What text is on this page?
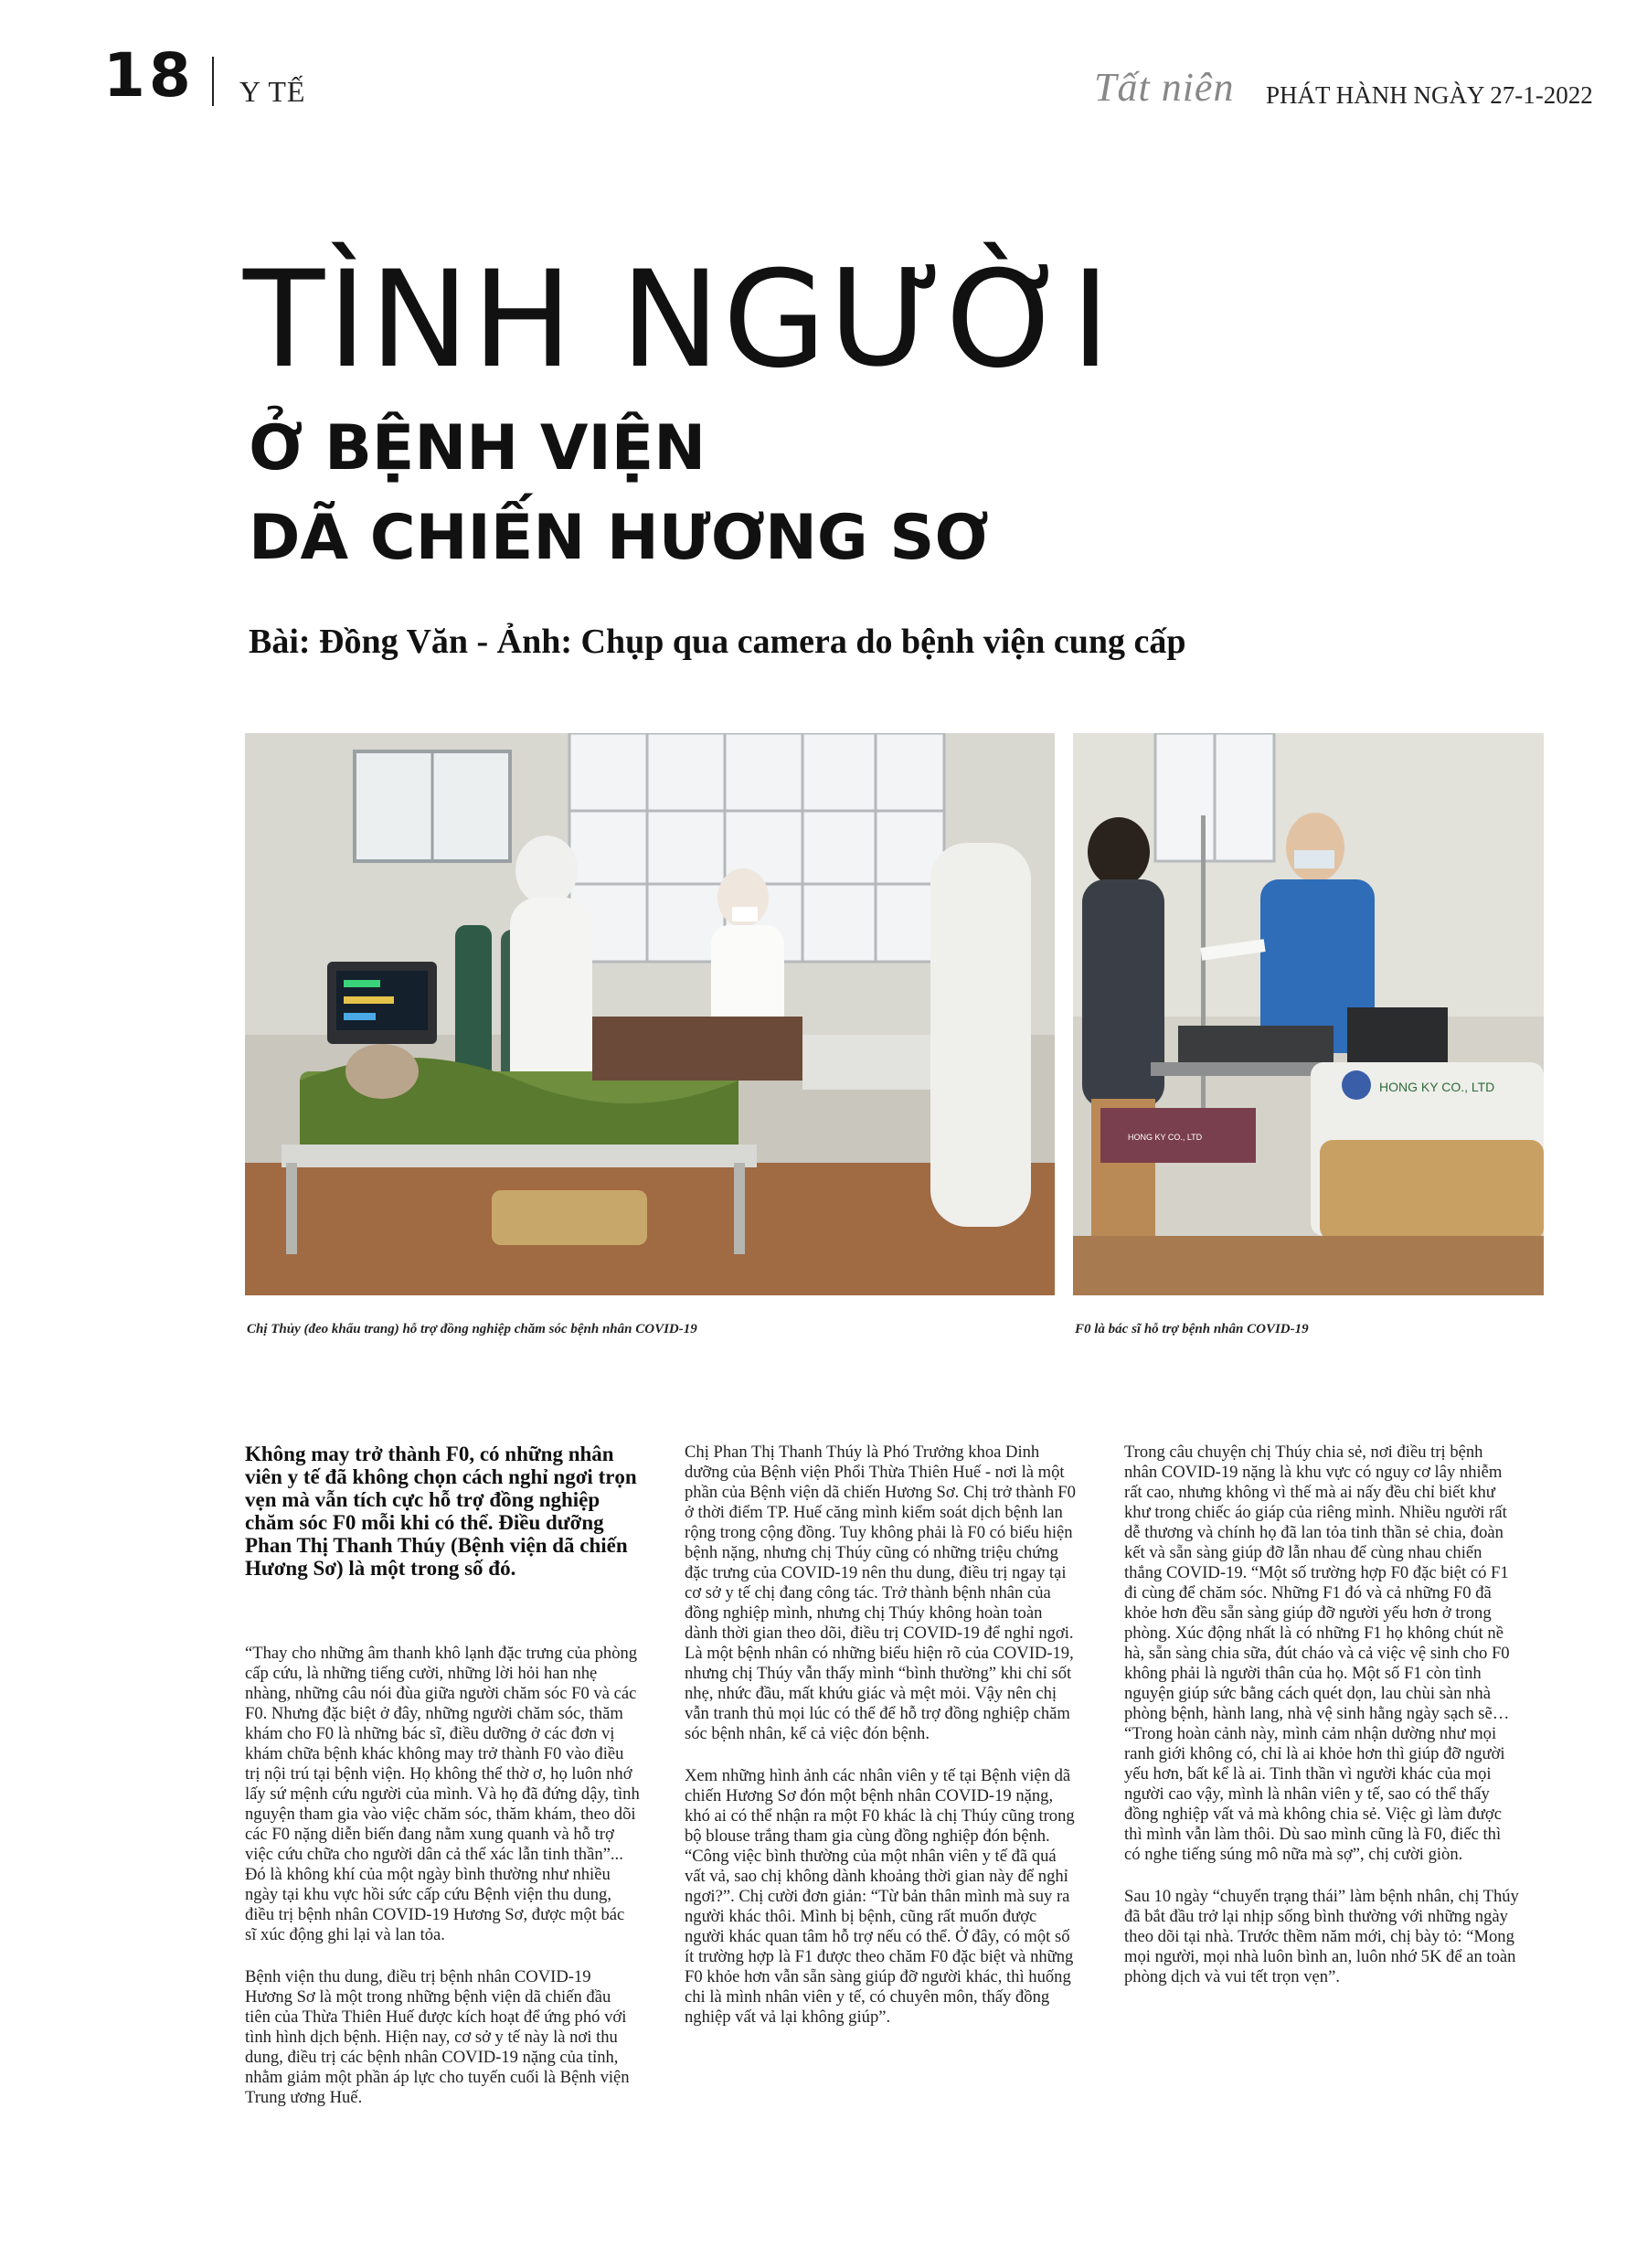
18 Y TẾ	Tất niên PHÁT HÀNH NGÀY 27-1-2022
TÌNH NGƯỜI
Ở BỆNH VIỆN
DÃ CHIẾN HƯƠNG SƠ
Bài: Đồng Văn - Ảnh: Chụp qua camera do bệnh viện cung cấp
HONG KY CO., LTD
HONG KY CO., LTD
Chị Thủy (đeo khẩu trang) hỗ trợ đồng nghiệp chăm sóc bệnh nhân COVID-19	F0 là bác sĩ hỗ trợ bệnh nhân COVID-19

Không may trở thành F0, có những nhân viên y tế đã không chọn cách nghỉ ngơi trọn vẹn mà vẫn tích cực hỗ trợ đồng nghiệp chăm sóc F0 mỗi khi có thể. Điều dưỡng Phan Thị Thanh Thúy (Bệnh viện dã chiến Hương Sơ) là một trong số đó.

“Thay cho những âm thanh khô lạnh đặc trưng của phòng cấp cứu, là những tiếng cười, những lời hỏi han nhẹ nhàng, những câu nói đùa giữa người chăm sóc F0 và các F0. Nhưng đặc biệt ở đây, những người chăm sóc, thăm khám cho F0 là những bác sĩ, điều dưỡng ở các đơn vị khám chữa bệnh khác không may trở thành F0 vào điều trị nội trú tại bệnh viện. Họ không thể thờ ơ, họ luôn nhớ lấy sứ mệnh cứu người của mình. Và họ đã đứng dậy, tình nguyện tham gia vào việc chăm sóc, thăm khám, theo dõi các F0 nặng diễn biến đang nằm xung quanh và hỗ trợ việc cứu chữa cho người dân cả thể xác lẫn tinh thần”... Đó là không khí của một ngày bình thường như nhiều ngày tại khu vực hồi sức cấp cứu Bệnh viện thu dung, điều trị bệnh nhân COVID-19 Hương Sơ, được một bác sĩ xúc động ghi lại và lan tỏa.

Bệnh viện thu dung, điều trị bệnh nhân COVID-19 Hương Sơ là một trong những bệnh viện dã chiến đầu tiên của Thừa Thiên Huế được kích hoạt để ứng phó với tình hình dịch bệnh. Hiện nay, cơ sở y tế này là nơi thu dung, điều trị các bệnh nhân COVID-19 nặng của tỉnh, nhằm giảm một phần áp lực cho tuyến cuối là Bệnh viện Trung ương Huế.

Chị Phan Thị Thanh Thúy là Phó Trưởng khoa Dinh dưỡng của Bệnh viện Phổi Thừa Thiên Huế - nơi là một phần của Bệnh viện dã chiến Hương Sơ. Chị trở thành F0 ở thời điểm TP. Huế căng mình kiểm soát dịch bệnh lan rộng trong cộng đồng. Tuy không phải là F0 có biểu hiện bệnh nặng, nhưng chị Thúy cũng có những triệu chứng đặc trưng của COVID-19 nên thu dung, điều trị ngay tại cơ sở y tế chị đang công tác. Trở thành bệnh nhân của đồng nghiệp mình, nhưng chị Thúy không hoàn toàn dành thời gian theo dõi, điều trị COVID-19 để nghỉ ngơi. Là một bệnh nhân có những biểu hiện rõ của COVID-19, nhưng chị Thúy vẫn thấy mình “bình thường” khi chỉ sốt nhẹ, nhức đầu, mất khứu giác và mệt mỏi. Vậy nên chị vẫn tranh thủ mọi lúc có thể để hỗ trợ đồng nghiệp chăm sóc bệnh nhân, kể cả việc đón bệnh.

Xem những hình ảnh các nhân viên y tế tại Bệnh viện dã chiến Hương Sơ đón một bệnh nhân COVID-19 nặng, khó ai có thể nhận ra một F0 khác là chị Thúy cũng trong bộ blouse trắng tham gia cùng đồng nghiệp đón bệnh. “Công việc bình thường của một nhân viên y tế đã quá vất vả, sao chị không dành khoảng thời gian này để nghỉ ngơi?”. Chị cười đơn giản: “Từ bản thân mình mà suy ra người khác thôi. Mình bị bệnh, cũng rất muốn được người khác quan tâm hỗ trợ nếu có thể. Ở đây, có một số ít trường hợp là F1 được theo chăm F0 đặc biệt và những F0 khỏe hơn vẫn sẵn sàng giúp đỡ người khác, thì huống chi là mình nhân viên y tế, có chuyên môn, thấy đồng nghiệp vất vả lại không giúp”.

Trong câu chuyện chị Thúy chia sẻ, nơi điều trị bệnh nhân COVID-19 nặng là khu vực có nguy cơ lây nhiễm rất cao, nhưng không vì thế mà ai nấy đều chỉ biết khư khư trong chiếc áo giáp của riêng mình. Nhiều người rất dễ thương và chính họ đã lan tỏa tinh thần sẻ chia, đoàn kết và sẵn sàng giúp đỡ lẫn nhau để cùng nhau chiến thắng COVID-19. “Một số trường hợp F0 đặc biệt có F1 đi cùng để chăm sóc. Những F1 đó và cả những F0 đã khỏe hơn đều sẵn sàng giúp đỡ người yếu hơn ở trong phòng. Xúc động nhất là có những F1 họ không chút nề hà, sẵn sàng chia sữa, đút cháo và cả việc vệ sinh cho F0 không phải là người thân của họ. Một số F1 còn tình nguyện giúp sức bằng cách quét dọn, lau chùi sàn nhà phòng bệnh, hành lang, nhà vệ sinh hằng ngày sạch sẽ… “Trong hoàn cảnh này, mình cảm nhận dường như mọi ranh giới không có, chỉ là ai khỏe hơn thì giúp đỡ người yếu hơn, bất kể là ai. Tinh thần vì người khác của mọi người cao vậy, mình là nhân viên y tế, sao có thể thấy đồng nghiệp vất vả mà không chia sẻ. Việc gì làm được thì mình vẫn làm thôi. Dù sao mình cũng là F0, điếc thì có nghe tiếng súng mô nữa mà sợ”, chị cười giòn.

Sau 10 ngày “chuyển trạng thái” làm bệnh nhân, chị Thúy đã bắt đầu trở lại nhịp sống bình thường với những ngày theo dõi tại nhà. Trước thềm năm mới, chị bày tỏ: “Mong mọi người, mọi nhà luôn bình an, luôn nhớ 5K để an toàn phòng dịch và vui tết trọn vẹn”.
